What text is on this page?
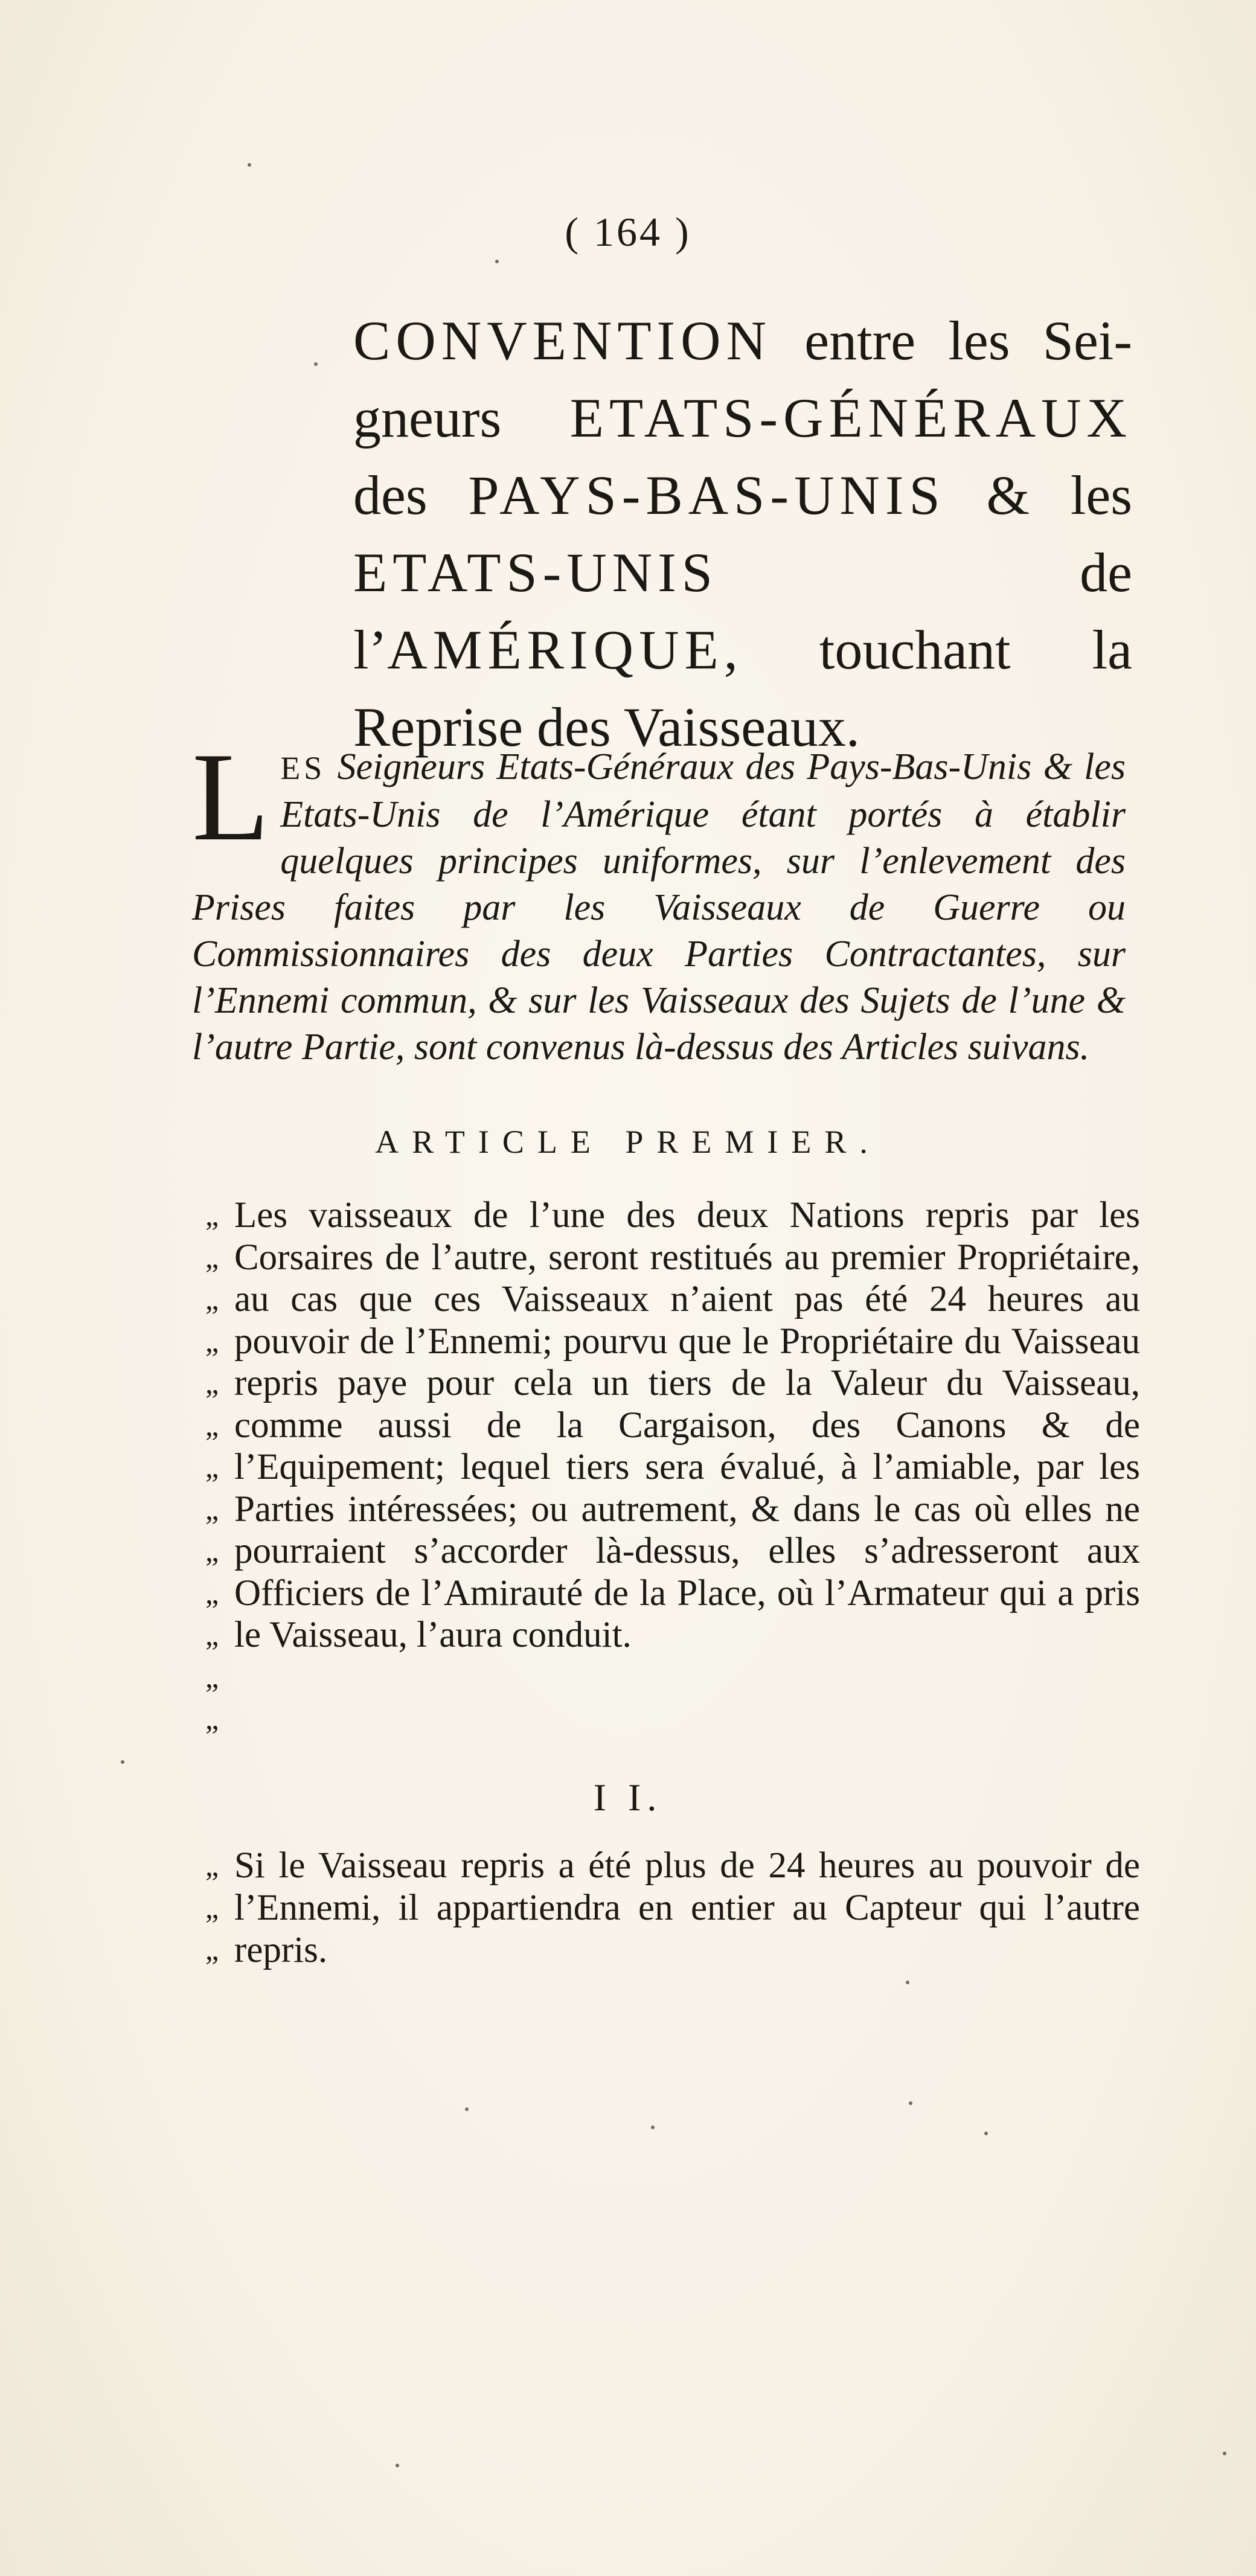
( 164 )
CONVENTION entre les Sei-gneurs ETATS-GÉNÉRAUX des PAYS-BAS-UNIS & les ETATS-UNIS de l’AMÉRIQUE, touchant la Reprise des Vaisseaux.
LES Seigneurs Etats-Généraux des Pays-Bas-Unis & les Etats-Unis de l’Amérique étant portés à établir quelques principes uniformes, sur l’enlevement des Prises faites par les Vaisseaux de Guerre ou Commissionnaires des deux Parties Contractantes, sur l’Ennemi commun, & sur les Vaisseaux des Sujets de l’une & l’autre Partie, sont convenus là-dessus des Articles suivans.
ARTICLE PREMIER.
„
„
„
„
„
„
„
„
„
„
„
„
„
Les vaisseaux de l’une des deux Nations repris par les Corsaires de l’autre, seront restitués au premier Propriétaire, au cas que ces Vaisseaux n’aient pas été 24 heures au pouvoir de l’Ennemi; pourvu que le Propriétaire du Vaisseau repris paye pour cela un tiers de la Valeur du Vaisseau, comme aussi de la Cargaison, des Canons & de l’Equipement; lequel tiers sera évalué, à l’amiable, par les Parties intéressées; ou autrement, & dans le cas où elles ne pourraient s’accorder là-dessus, elles s’adresseront aux Officiers de l’Amirauté de la Place, où l’Armateur qui a pris le Vaisseau, l’aura conduit.
I I.
„
„
„
Si le Vaisseau repris a été plus de 24 heures au pouvoir de l’Ennemi, il appartiendra en entier au Capteur qui l’autre repris.
